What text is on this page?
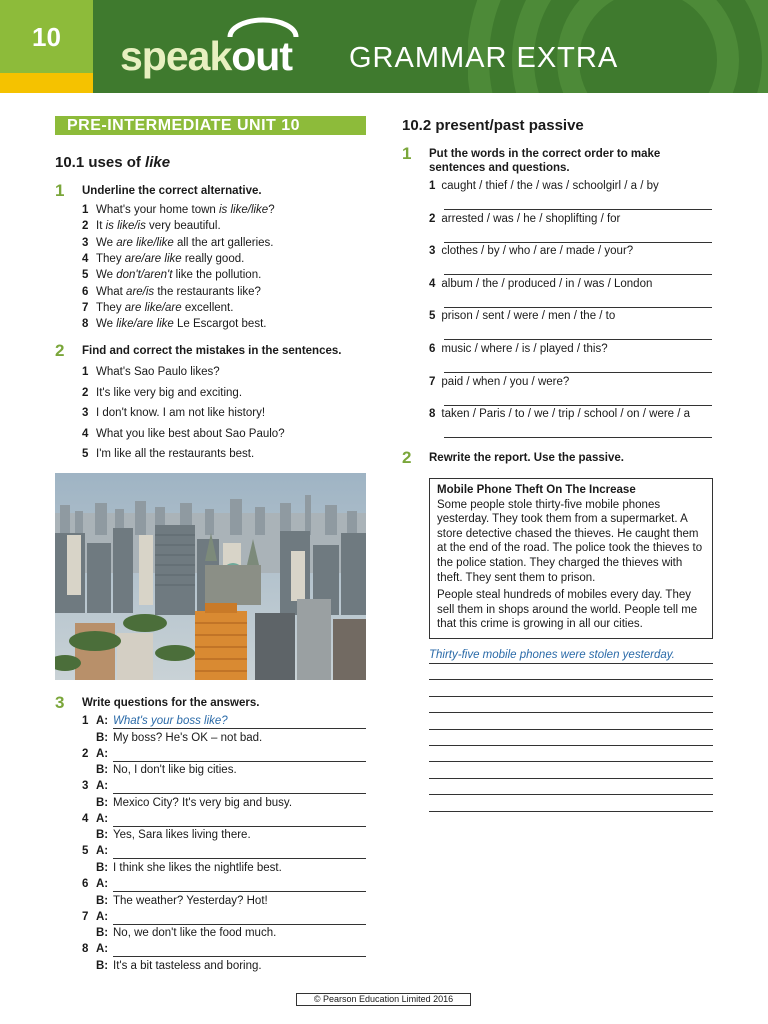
10	speakout GRAMMAR EXTRA
PRE-INTERMEDIATE UNIT 10
10.1 uses of like
1 Underline the correct alternative.
1 What's your home town is like/like?
2 It is like/is very beautiful.
3 We are like/like all the art galleries.
4 They are/are like really good.
5 We don't/aren't like the pollution.
6 What are/is the restaurants like?
7 They are like/are excellent.
8 We like/are like Le Escargot best.
2 Find and correct the mistakes in the sentences.
1 What's Sao Paulo likes?
2 It's like very big and exciting.
3 I don't know. I am not like history!
4 What you like best about Sao Paulo?
5 I'm like all the restaurants best.
3 Write questions for the answers.
1 A: What's your boss like?
B: My boss? He's OK – not bad.
2 A:
B: No, I don't like big cities.
3 A:
B: Mexico City? It's very big and busy.
4 A:
B: Yes, Sara likes living there.
5 A:
B: I think she likes the nightlife best.
6 A:
B: The weather? Yesterday? Hot!
7 A:
B: No, we don't like the food much.
8 A:
B: It's a bit tasteless and boring.
10.2 present/past passive
1 Put the words in the correct order to make
sentences and questions.
1 caught / thief / the / was / schoolgirl / a / by
2 arrested / was / he / shoplifting / for
3 clothes / by / who / are / made / your?
4 album / the / produced / in / was / London
5 prison / sent / were / men / the / to
6 music / where / is / played / this?
7 paid / when / you / were?
8 taken / Paris / to / we / trip / school / on / were / a
2 Rewrite the report. Use the passive.
Mobile Phone Theft On The Increase

Some people stole thirty-five mobile phones yesterday. They took them from a supermarket. A store detective chased the thieves. He caught them at the end of the road. The police took the thieves to the police station. They charged the thieves with theft. They sent them to prison.

People steal hundreds of mobiles every day. They sell them in shops around the world. People tell me that this crime is growing in all our cities.

Thirty-five mobile phones were stolen yesterday.
© Pearson Education Limited 2016
